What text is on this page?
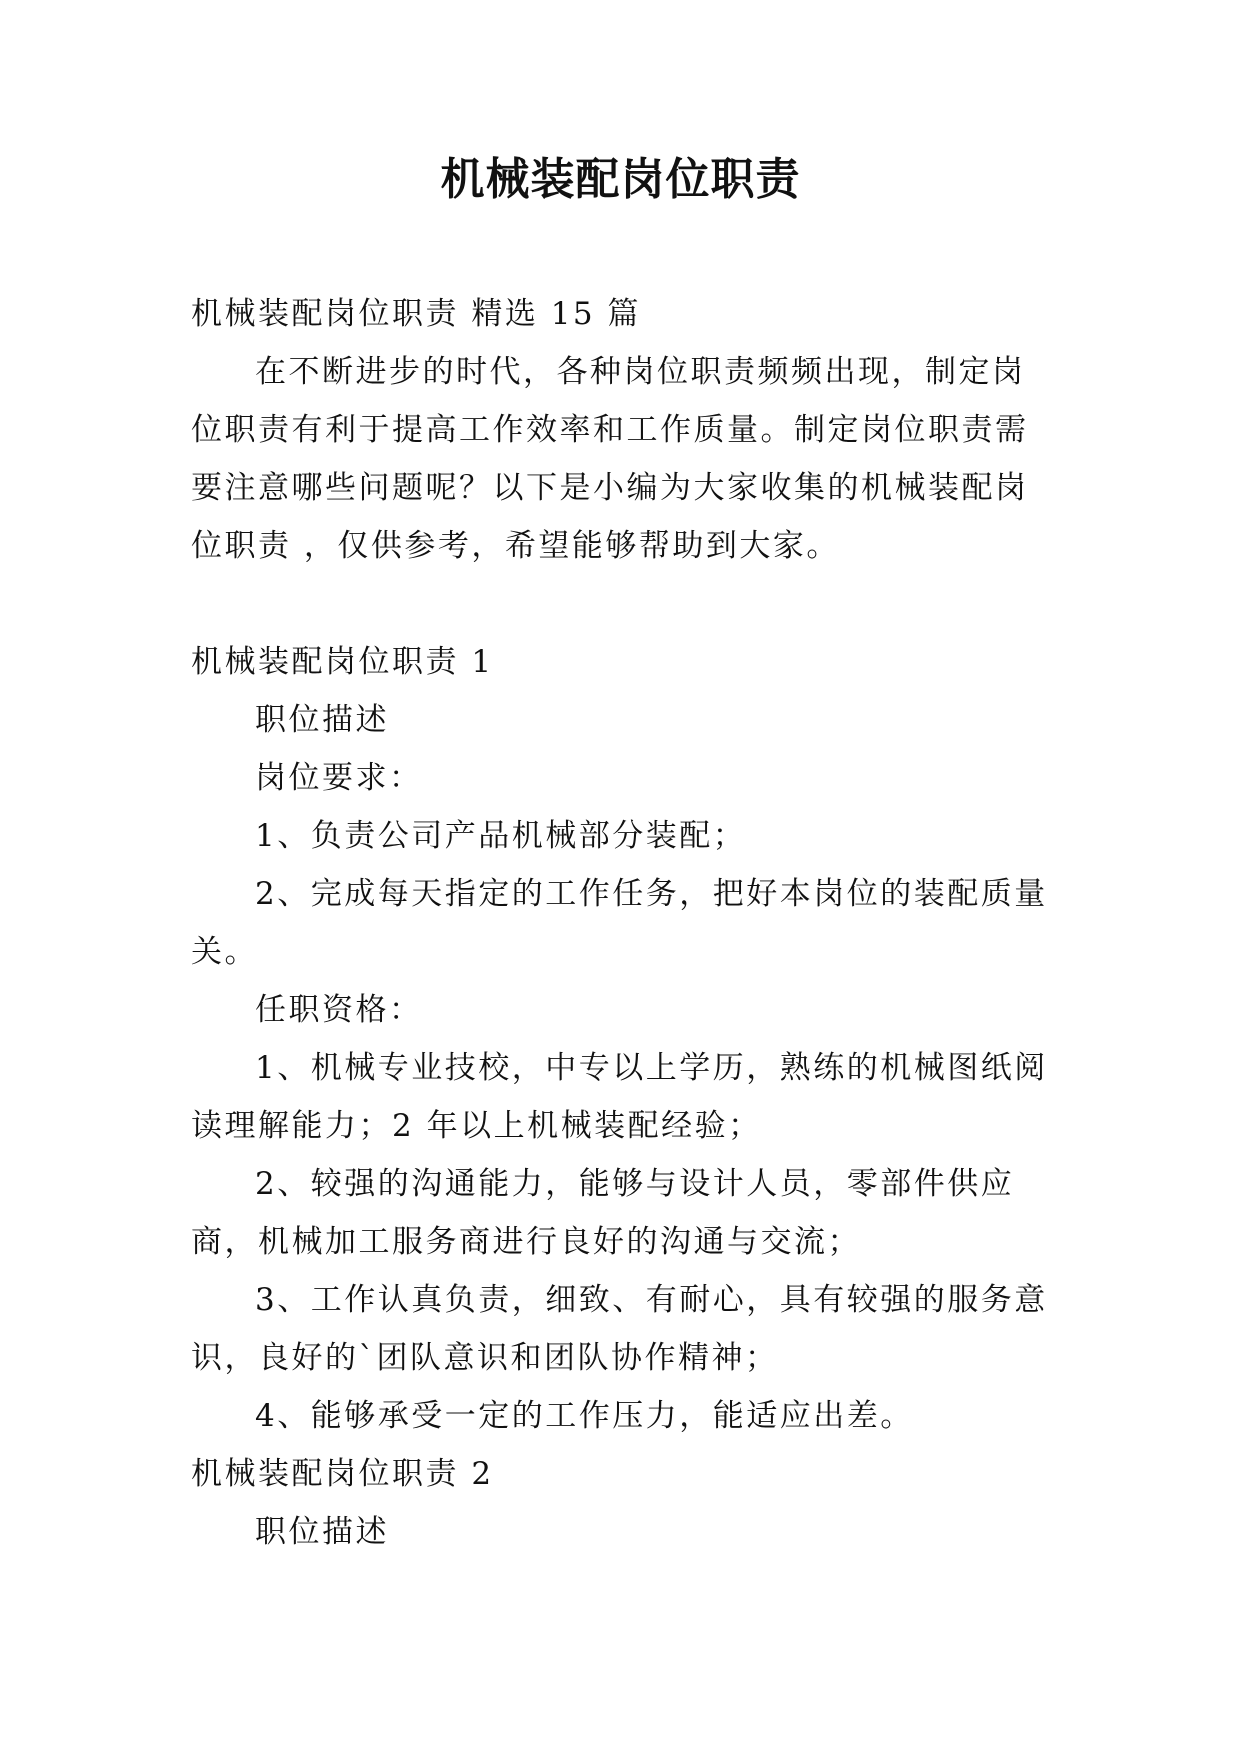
机械装配岗位职责

机械装配岗位职责 精选 15 篇

在不断进步的时代，各种岗位职责频频出现，制定岗位职责有利于提高工作效率和工作质量。制定岗位职责需要注意哪些问题呢？以下是小编为大家收集的机械装配岗位职责 ，仅供参考，希望能够帮助到大家。

机械装配岗位职责 1

职位描述

岗位要求：

1、负责公司产品机械部分装配；

2、完成每天指定的工作任务，把好本岗位的装配质量关。

任职资格：

1、机械专业技校，中专以上学历，熟练的机械图纸阅读理解能力；2 年以上机械装配经验；

2、较强的沟通能力，能够与设计人员，零部件供应商，机械加工服务商进行良好的沟通与交流；

3、工作认真负责，细致、有耐心，具有较强的服务意识，良好的`团队意识和团队协作精神；

4、能够承受一定的工作压力，能适应出差。

机械装配岗位职责 2

职位描述
